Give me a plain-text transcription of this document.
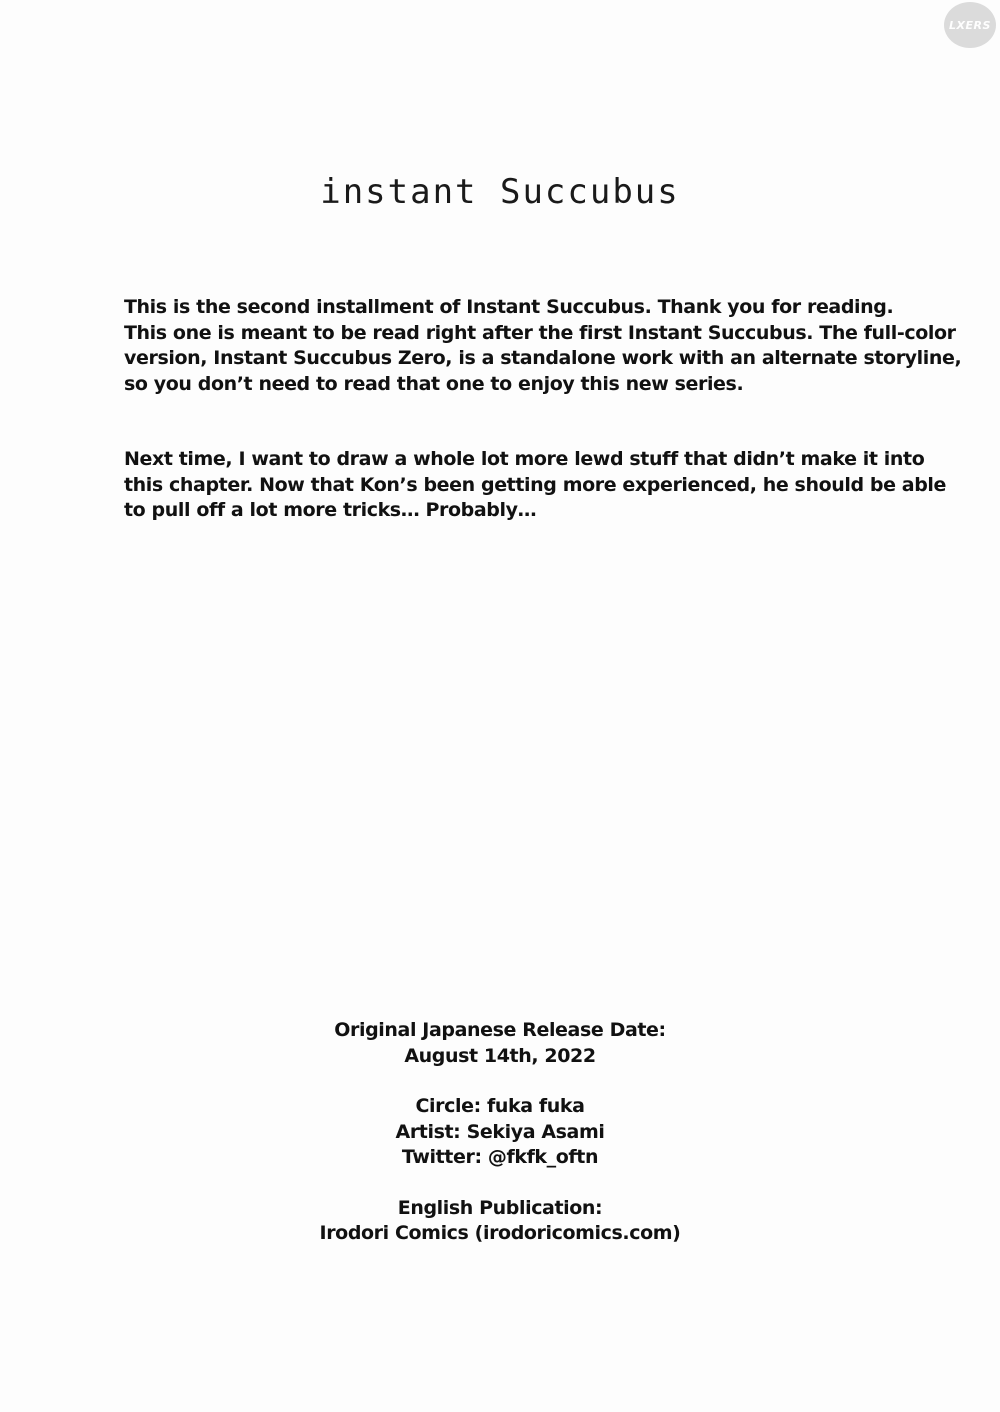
LXERS
instant Succubus

This is the second installment of Instant Succubus. Thank you for reading.
This one is meant to be read right after the first Instant Succubus. The full-color
version, Instant Succubus Zero, is a standalone work with an alternate storyline,
so you don’t need to read that one to enjoy this new series.

Next time, I want to draw a whole lot more lewd stuff that didn’t make it into
this chapter. Now that Kon’s been getting more experienced, he should be able
to pull off a lot more tricks… Probably…

Original Japanese Release Date:
August 14th, 2022
Circle: fuka fuka
Artist: Sekiya Asami
Twitter: @fkfk_oftn
English Publication:
Irodori Comics (irodoricomics.com)
